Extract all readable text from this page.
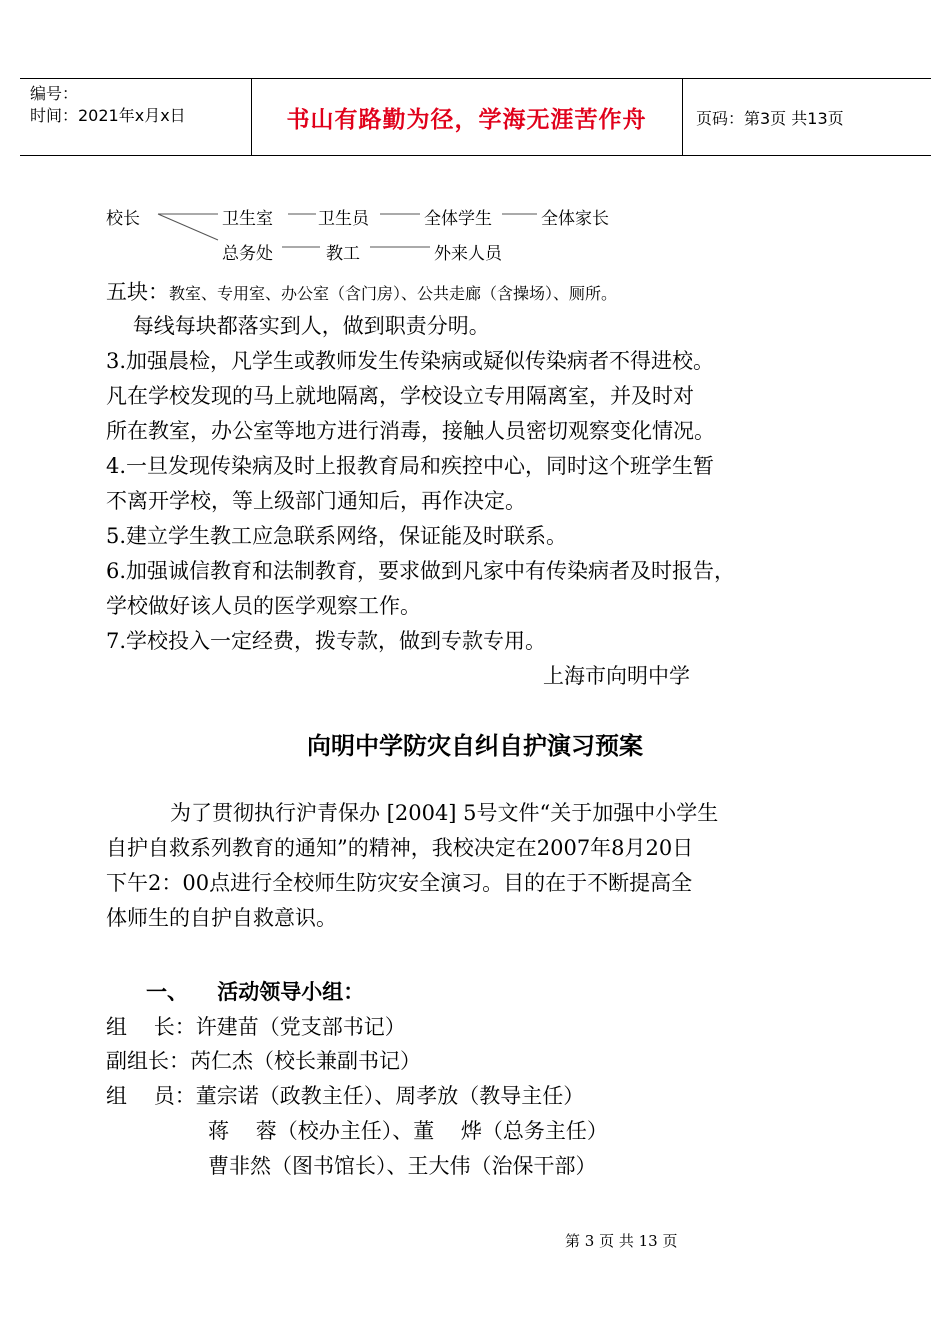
编号：
时间：2021年x月x日	书山有路勤为径，学海无涯苦作舟	页码：第3页 共13页
校长	卫生室	卫生员	全体学生	全体家长
总务处	教工	外来人员
五块：教室、专用室、办公室（含门房）、公共走廊（含操场）、厕所。
每线每块都落实到人，做到职责分明。
3.加强晨检，凡学生或教师发生传染病或疑似传染病者不得进校。
凡在学校发现的马上就地隔离，学校设立专用隔离室，并及时对
所在教室，办公室等地方进行消毒，接触人员密切观察变化情况。
4.一旦发现传染病及时上报教育局和疾控中心，同时这个班学生暂
不离开学校，等上级部门通知后，再作决定。
5.建立学生教工应急联系网络，保证能及时联系。
6.加强诚信教育和法制教育，要求做到凡家中有传染病者及时报告，
学校做好该人员的医学观察工作。
7.学校投入一定经费，拨专款，做到专款专用。
上海市向明中学
向明中学防灾自纠自护演习预案
为了贯彻执行沪青保办 [2004] 5号文件“关于加强中小学生
自护自救系列教育的通知”的精神，我校决定在2007年8月20日
下午2：00点进行全校师生防灾安全演习。目的在于不断提高全
体师生的自护自救意识。
一、    活动领导小组：
组    长：许建苗（党支部书记）
副组长：芮仁杰（校长兼副书记）
组    员：董宗诺（政教主任）、周孝放（教导主任）
蒋    蓉（校办主任）、董    烨（总务主任）
曹非然（图书馆长）、王大伟（治保干部）
第 3 页 共 13 页
